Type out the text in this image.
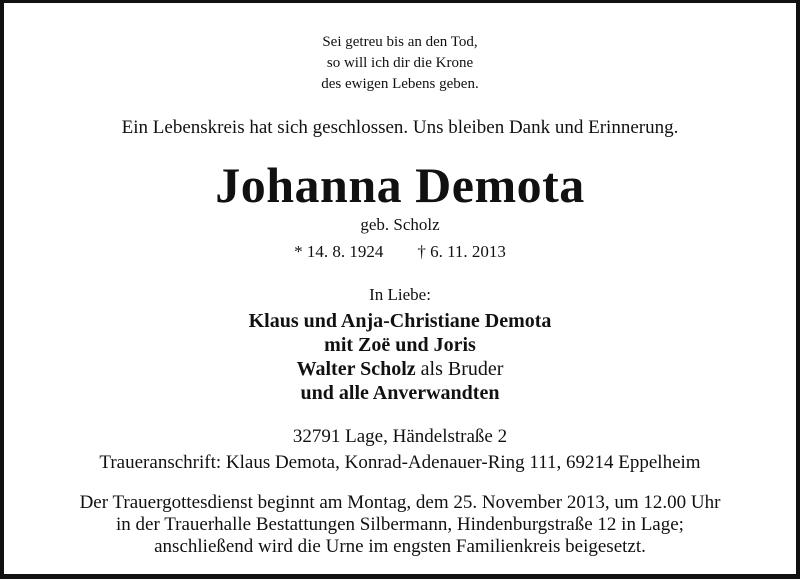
Sei getreu bis an den Tod,
so will ich dir die Krone
des ewigen Lebens geben.
Ein Lebenskreis hat sich geschlossen. Uns bleiben Dank und Erinnerung.
Johanna Demota
geb. Scholz
* 14. 8. 1924 † 6. 11. 2013
In Liebe:
Klaus und Anja-Christiane Demota
mit Zoë und Joris
Walter Scholz als Bruder
und alle Anverwandten
32791 Lage, Händelstraße 2
Traueranschrift: Klaus Demota, Konrad-Adenauer-Ring 111, 69214 Eppelheim
Der Trauergottesdienst beginnt am Montag, dem 25. November 2013, um 12.00 Uhr
in der Trauerhalle Bestattungen Silbermann, Hindenburgstraße 12 in Lage;
anschließend wird die Urne im engsten Familienkreis beigesetzt.
